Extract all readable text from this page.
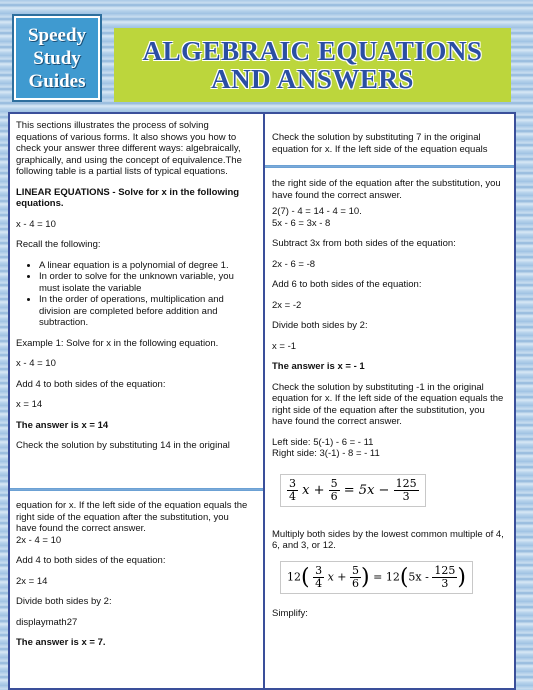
Speedy
Study
Guides
ALGEBRAIC EQUATIONS
AND ANSWERS

This sections illustrates the process of solving equations of various forms. It also shows you how to check your answer three different ways: algebraically, graphically, and using the concept of equivalence.The following table is a partial lists of typical equations.

LINEAR EQUATIONS - Solve for x in the following equations.

x - 4 = 10

Recall the following:

• A linear equation is a polynomial of degree 1.
• In order to solve for the unknown variable, you must isolate the variable
• In the order of operations, multiplication and division are completed before addition and subtraction.

Example 1: Solve for x in the following equation.

x - 4 = 10

Add 4 to both sides of the equation:

x = 14

The answer is x = 14

Check the solution by substituting 14 in the original

equation for x. If the left side of the equation equals the right side of the equation after the substitution, you have found the correct answer.

2x - 4 = 10

Add 4 to both sides of the equation:

2x = 14

Divide both sides by 2:

displaymath27

The answer is x = 7.

Check the solution by substituting 7 in the original equation for x. If the left side of the equation equals

the right side of the equation after the substitution, you have found the correct answer.

2(7) - 4 = 14 - 4 = 10.

5x - 6 = 3x - 8

Subtract 3x from both sides of the equation:

2x - 6 = -8

Add 6 to both sides of the equation:

2x = -2

Divide both sides by 2:

x = -1

The answer is x = - 1

Check the solution by substituting -1 in the original equation for x. If the left side of the equation equals the right side of the equation after the substitution, you have found the correct answer.

Left side: 5(-1) - 6 = - 11

Right side: 3(-1) - 8 = - 11

$\frac{3}{4}$ $x + \frac{5}{6} = 5x - \frac{125}{3}$

Multiply both sides by the lowest common multiple of 4, 6, and 3, or 12.

$12( \frac{3}{4}$ $x + \frac{5}{6}$ ) = $12(5x - \frac{125}{3}$ )

Simplify:
